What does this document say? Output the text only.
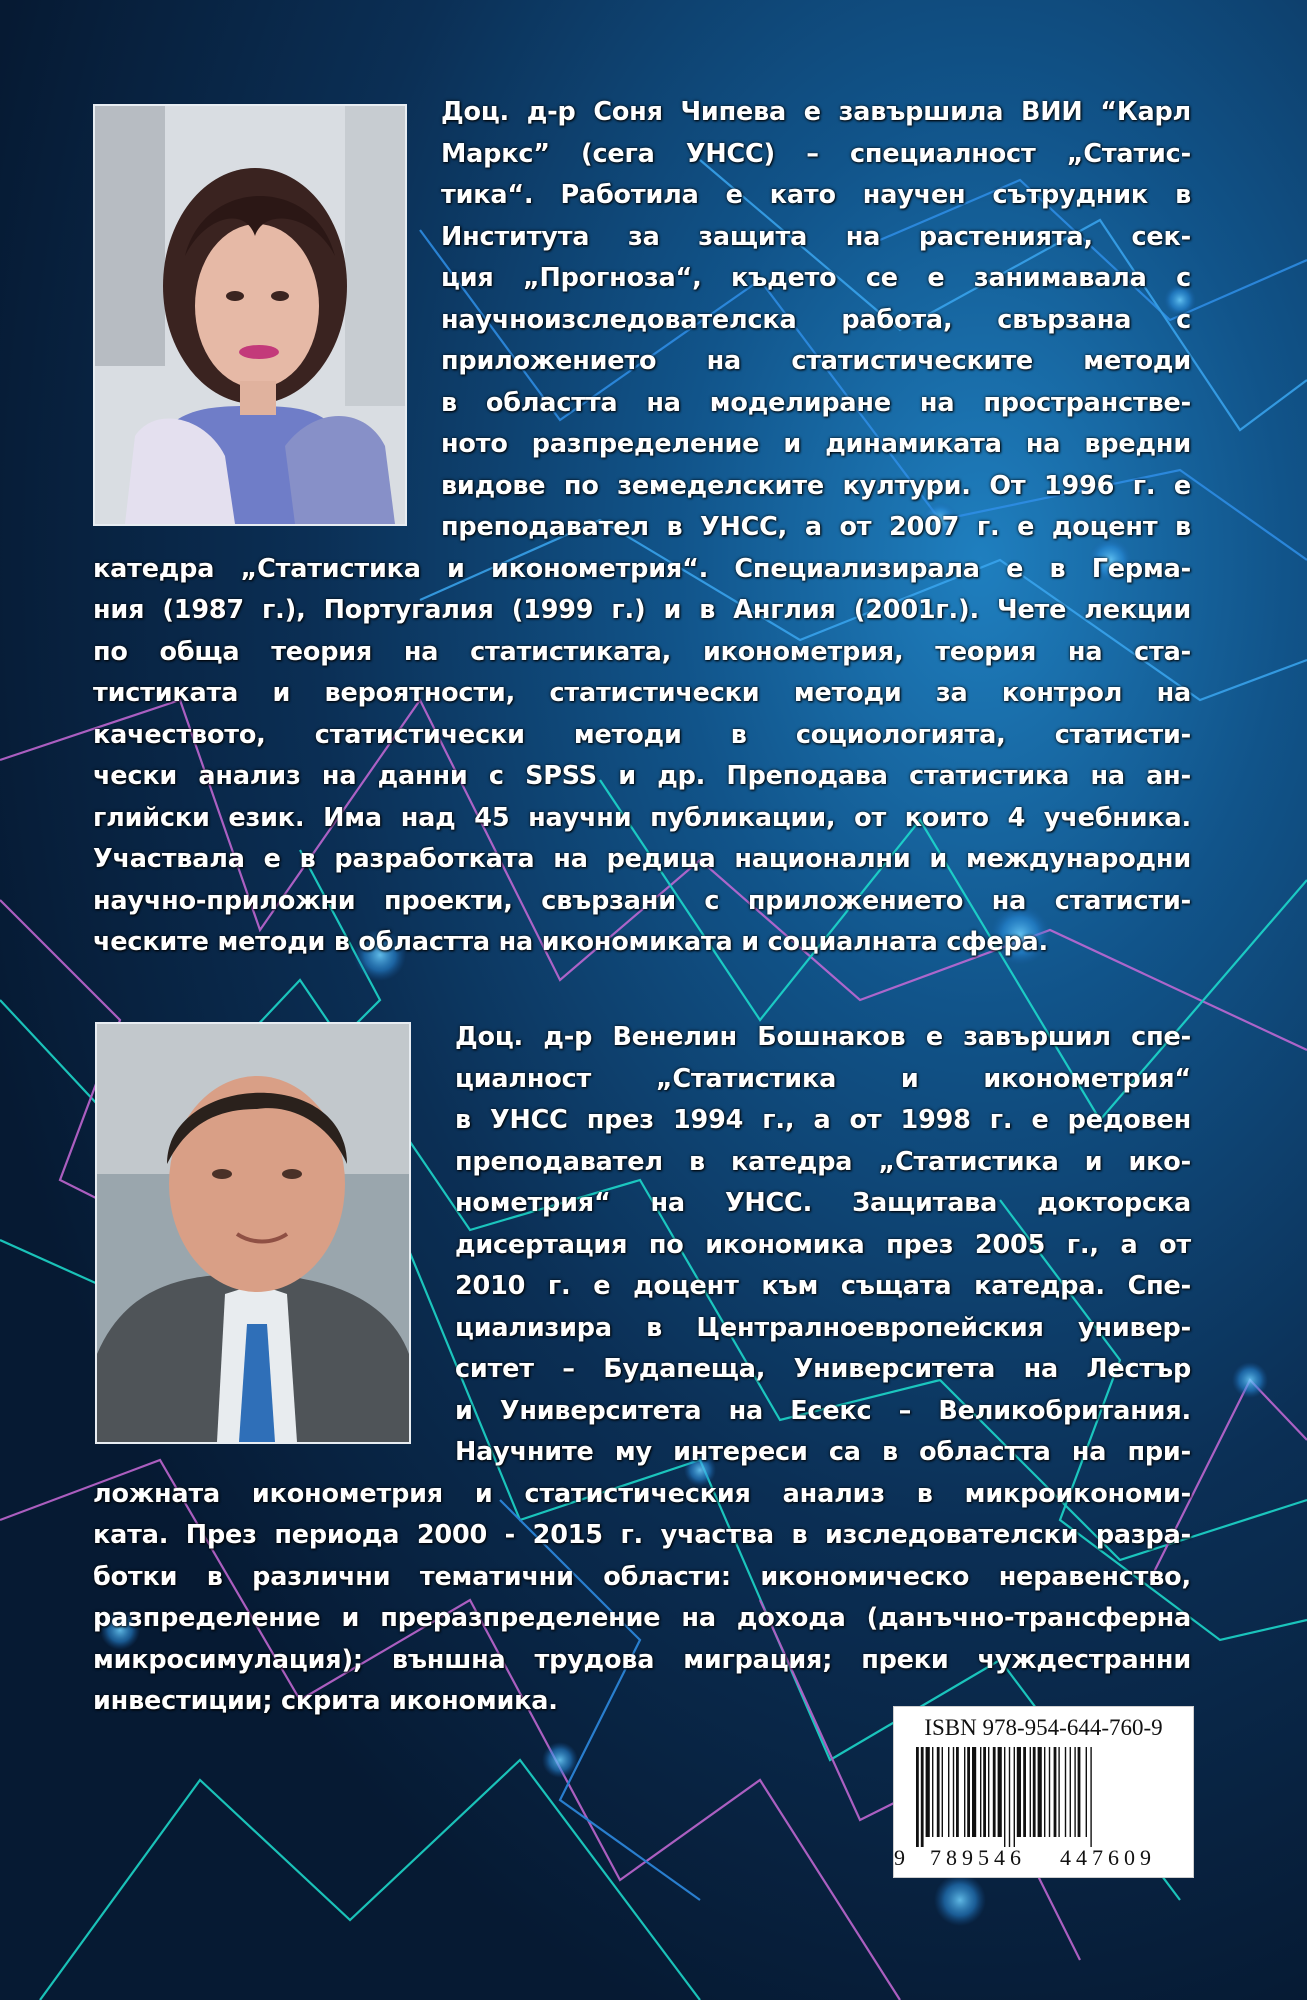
Доц. д-р Соня Чипева е завършила ВИИ “Карл
Маркс” (сега УНСС) – специалност „Статис-
тика“. Работила е като научен сътрудник в
Института за защита на растенията, сек-
ция „Прогноза“, където се е занимавала с
научноизследователска работа, свързана с
приложението на статистическите методи
в областта на моделиране на пространстве-
ното разпределение и динамиката на вредни
видове по земеделските култури. От 1996 г. е
преподавател в УНСС, а от 2007 г. е доцент в
катедра „Статистика и иконометрия“. Специализирала е в Герма-
ния (1987 г.), Португалия (1999 г.) и в Англия (2001г.). Чете лекции
по обща теория на статистиката, иконометрия, теория на ста-
тистиката и вероятности, статистически методи за контрол на
качеството, статистически методи в социологията, статисти-
чески анализ на данни с SPSS и др. Преподава статистика на ан-
глийски език. Има над 45 научни публикации, от които 4 учебника.
Участвала е в разработката на редица национални и международни
научно-приложни проекти, свързани с приложението на статисти-
ческите методи в областта на икономиката и социалната сфера.
Доц. д-р Венелин Бошнаков е завършил спе-
циалност „Статистика и иконометрия“
в УНСС през 1994 г., а от 1998 г. е редовен
преподавател в катедра „Статистика и ико-
нометрия“ на УНСС. Защитава докторска
дисертация по икономика през 2005 г., а от
2010 г. е доцент към същата катедра. Спе-
циализира в Централноевропейския универ-
ситет – Будапеща, Университета на Лестър
и Университета на Есекс – Великобритания.
Научните му интереси са в областта на при-
ложната иконометрия и статистическия анализ в микроикономи-
ката. През периода 2000 - 2015 г. участва в изследователски разра-
ботки в различни тематични области: икономическо неравенство,
разпределение и преразпределение на дохода (данъчно-трансферна
микросимулация); външна трудова миграция; преки чуждестранни
инвестиции; скрита икономика.
ISBN 978-954-644-760-9
9 789546 447609
